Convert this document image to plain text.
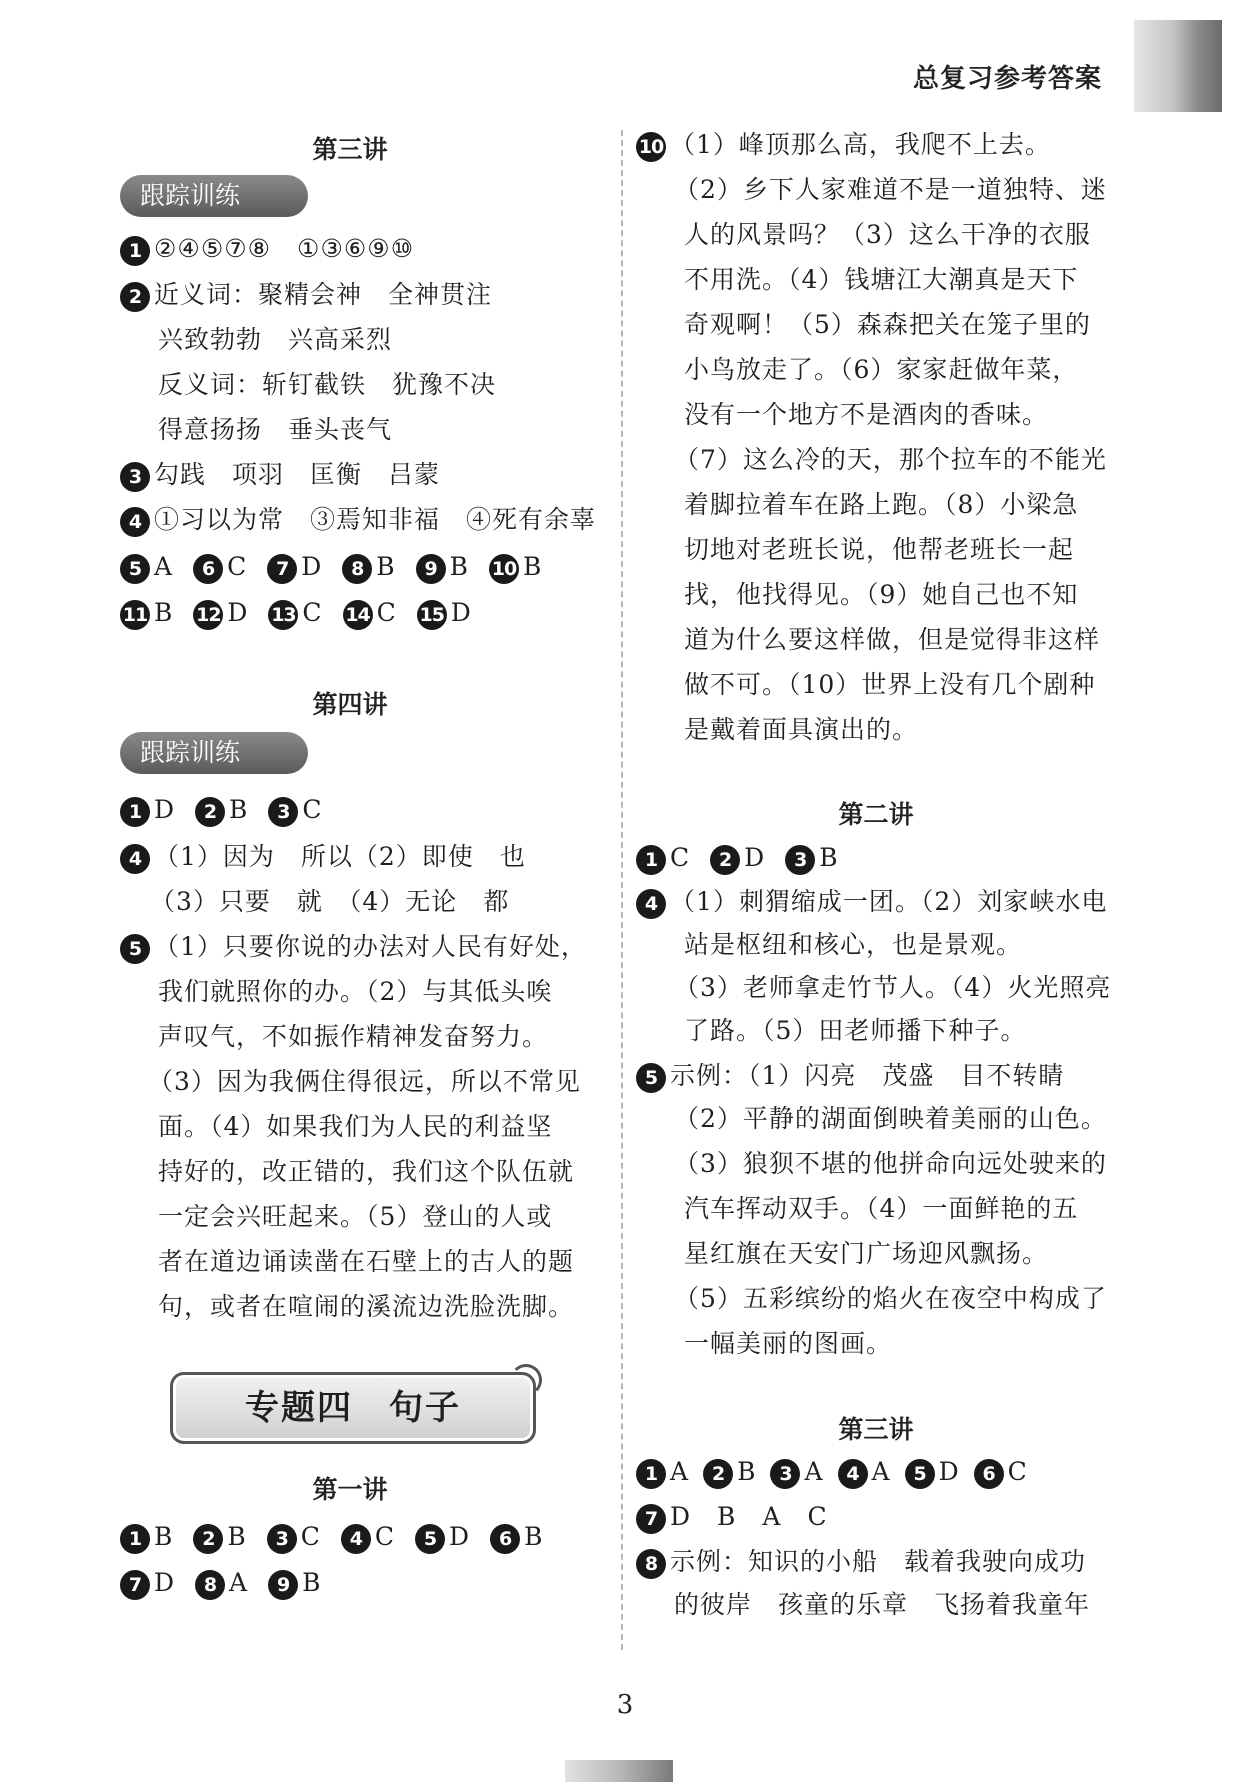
总复习参考答案
第三讲
跟踪训练
1 ②④⑤⑦⑧　①③⑥⑨⑩
2 近义词：聚精会神　全神贯注
兴致勃勃　兴高采烈
反义词：斩钉截铁　犹豫不决
得意扬扬　垂头丧气
3 勾践　项羽　匡衡　吕蒙
4 ①习以为常　③焉知非福　④死有余辜
5 A 6 C 7 D 8 B 9 B 10 B
11 B 12 D 13 C 14 C 15 D
第四讲
跟踪训练
1 D 2 B 3 C
4 （1）因为　所以（2）即使　也
（3）只要　就　（4）无论　都
5 （1）只要你说的办法对人民有好处，
我们就照你的办。（2）与其低头唉
声叹气，不如振作精神发奋努力。
（3）因为我俩住得很远，所以不常见
面。（4）如果我们为人民的利益坚
持好的，改正错的，我们这个队伍就
一定会兴旺起来。（5）登山的人或
者在道边诵读凿在石壁上的古人的题
句，或者在喧闹的溪流边洗脸洗脚。
专题四　句子
第一讲
1 B 2 B 3 C 4 C 5 D 6 B
7 D 8 A 9 B
10 （1）峰顶那么高，我爬不上去。
（2）乡下人家难道不是一道独特、迷
人的风景吗？（3）这么干净的衣服
不用洗。（4）钱塘江大潮真是天下
奇观啊！（5）森森把关在笼子里的
小鸟放走了。（6）家家赶做年菜，
没有一个地方不是酒肉的香味。
（7）这么冷的天，那个拉车的不能光
着脚拉着车在路上跑。（8）小梁急
切地对老班长说，他帮老班长一起
找，他找得见。（9）她自己也不知
道为什么要这样做，但是觉得非这样
做不可。（10）世界上没有几个剧种
是戴着面具演出的。
第二讲
1 C 2 D 3 B
4 （1）刺猬缩成一团。（2）刘家峡水电
站是枢纽和核心，也是景观。
（3）老师拿走竹节人。（4）火光照亮
了路。（5）田老师播下种子。
5 示例：（1）闪亮　茂盛　目不转睛
（2）平静的湖面倒映着美丽的山色。
（3）狼狈不堪的他拼命向远处驶来的
汽车挥动双手。（4）一面鲜艳的五
星红旗在天安门广场迎风飘扬。
（5）五彩缤纷的焰火在夜空中构成了
一幅美丽的图画。
第三讲
1 A 2 B 3 A 4 A 5 D 6 C
7 D　B　A　C
8 示例：知识的小船　载着我驶向成功
的彼岸　孩童的乐章　飞扬着我童年
3
